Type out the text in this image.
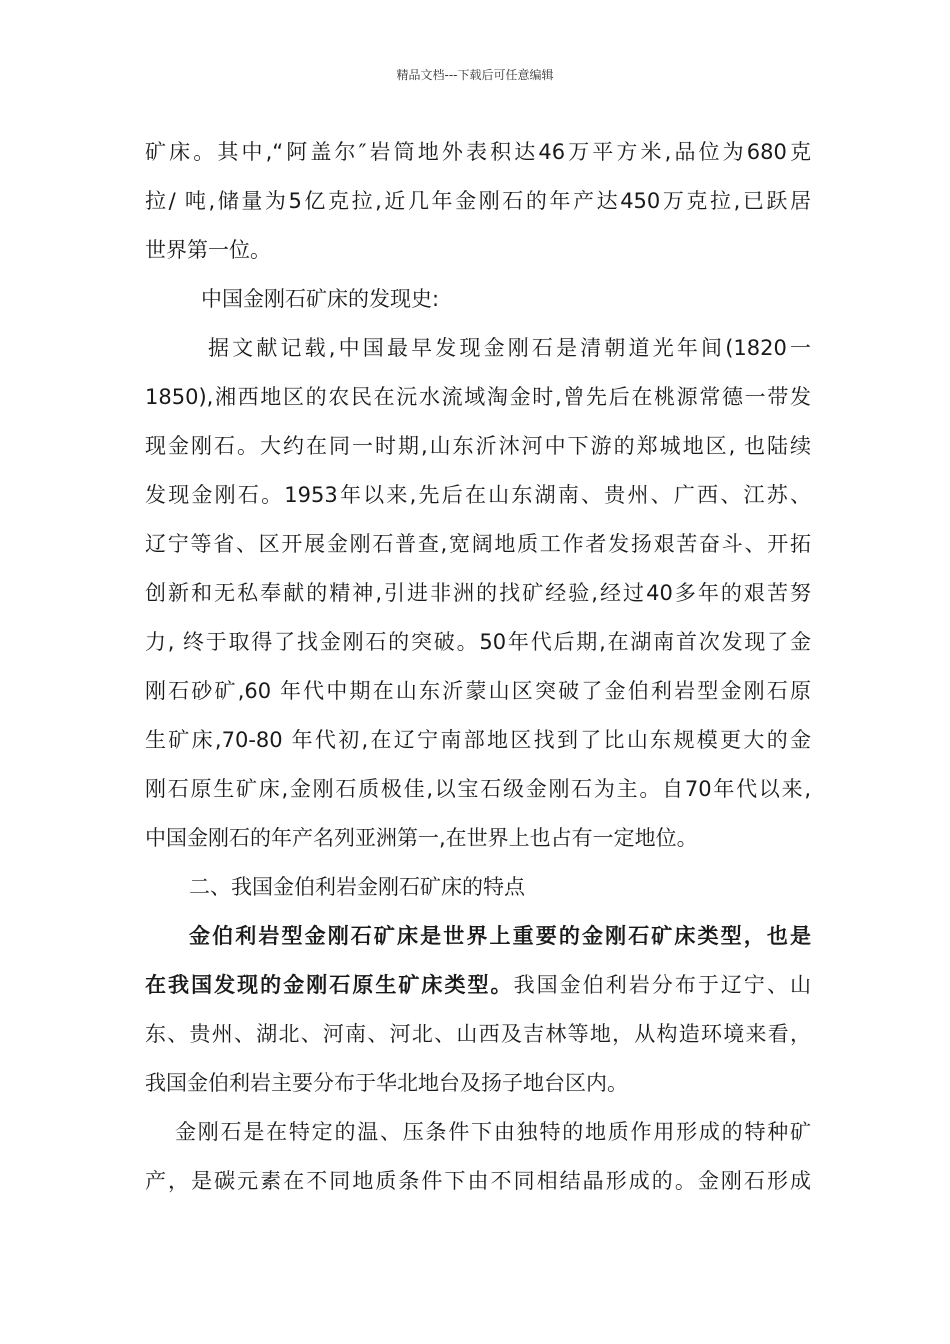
精品文档---下载后可任意编辑
矿床。其中,“阿盖尔″岩筒地外表积达46万平方米,品位为680克
拉/ 吨,储量为5亿克拉,近几年金刚石的年产达450万克拉,已跃居
世界第一位。
中国金刚石矿床的发现史:
据文献记载,中国最早发现金刚石是清朝道光年间(1820一
1850),湘西地区的农民在沅水流域淘金时,曾先后在桃源常德一带发
现金刚石。大约在同一时期,山东沂沐河中下游的郑城地区, 也陆续
发现金刚石。1953年以来,先后在山东湖南、贵州、广西、江苏、
辽宁等省、区开展金刚石普查,宽阔地质工作者发扬艰苦奋斗、开拓
创新和无私奉献的精神,引进非洲的找矿经验,经过40多年的艰苦努
力, 终于取得了找金刚石的突破。50年代后期,在湖南首次发现了金
刚石砂矿,60 年代中期在山东沂蒙山区突破了金伯利岩型金刚石原
生矿床,70-80 年代初,在辽宁南部地区找到了比山东规模更大的金
刚石原生矿床,金刚石质极佳,以宝石级金刚石为主。自70年代以来,
中国金刚石的年产名列亚洲第一,在世界上也占有一定地位。
二、我国金伯利岩金刚石矿床的特点
金伯利岩型金刚石矿床是世界上重要的金刚石矿床类型，也是
在我国发现的金刚石原生矿床类型。我国金伯利岩分布于辽宁、山
东、贵州、湖北、河南、河北、山西及吉林等地，从构造环境来看，
我国金伯利岩主要分布于华北地台及扬子地台区内。
金刚石是在特定的温、压条件下由独特的地质作用形成的特种矿
产，是碳元素在不同地质条件下由不同相结晶形成的。金刚石形成
